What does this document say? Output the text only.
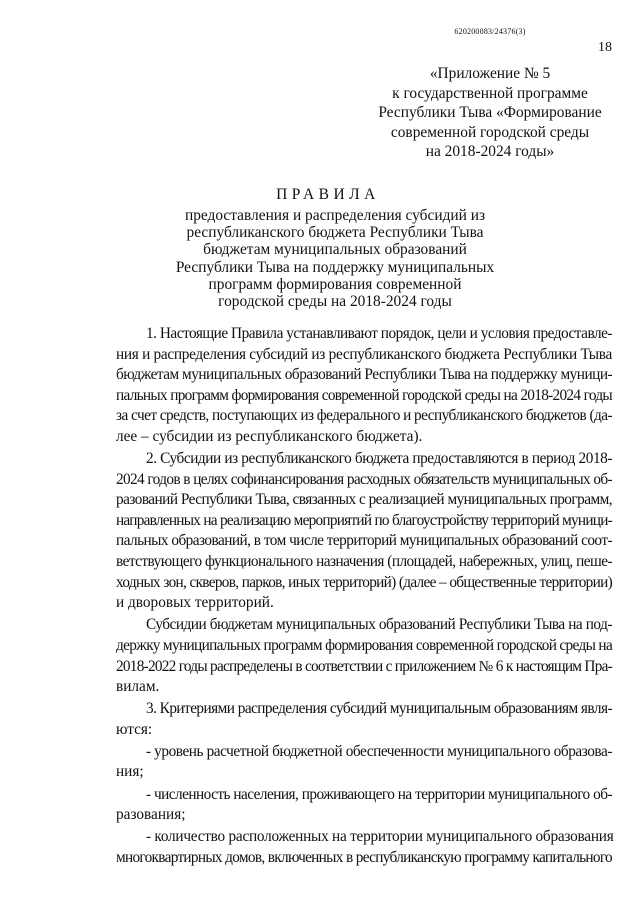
620200083/24376(3)
18
«Приложение № 5
к государственной программе
Республики Тыва «Формирование
современной городской среды
на 2018-2024 годы»
ПРАВИЛА
предоставления и распределения субсидий из
республиканского бюджета Республики Тыва
бюджетам муниципальных образований
Республики Тыва на поддержку муниципальных
программ формирования современной
городской среды на 2018-2024 годы
1. Настоящие Правила устанавливают порядок, цели и условия предоставле-
ния и распределения субсидий из республиканского бюджета Республики Тыва
бюджетам муниципальных образований Республики Тыва на поддержку муници-
пальных программ формирования современной городской среды на 2018-2024 годы
за счет средств, поступающих из федерального и республиканского бюджетов (да-
лее – субсидии из республиканского бюджета).
2. Субсидии из республиканского бюджета предоставляются в период 2018-
2024 годов в целях софинансирования расходных обязательств муниципальных об-
разований Республики Тыва, связанных с реализацией муниципальных программ,
направленных на реализацию мероприятий по благоустройству территорий муници-
пальных образований, в том числе территорий муниципальных образований соот-
ветствующего функционального назначения (площадей, набережных, улиц, пеше-
ходных зон, скверов, парков, иных территорий) (далее – общественные территории)
и дворовых территорий.
Субсидии бюджетам муниципальных образований Республики Тыва на под-
держку муниципальных программ формирования современной городской среды на
2018-2022 годы распределены в соответствии с приложением № 6 к настоящим Пра-
вилам.
3. Критериями распределения субсидий муниципальным образованиям явля-
ются:
- уровень расчетной бюджетной обеспеченности муниципального образова-
ния;
- численность населения, проживающего на территории муниципального об-
разования;
- количество расположенных на территории муниципального образования
многоквартирных домов, включенных в республиканскую программу капитального
